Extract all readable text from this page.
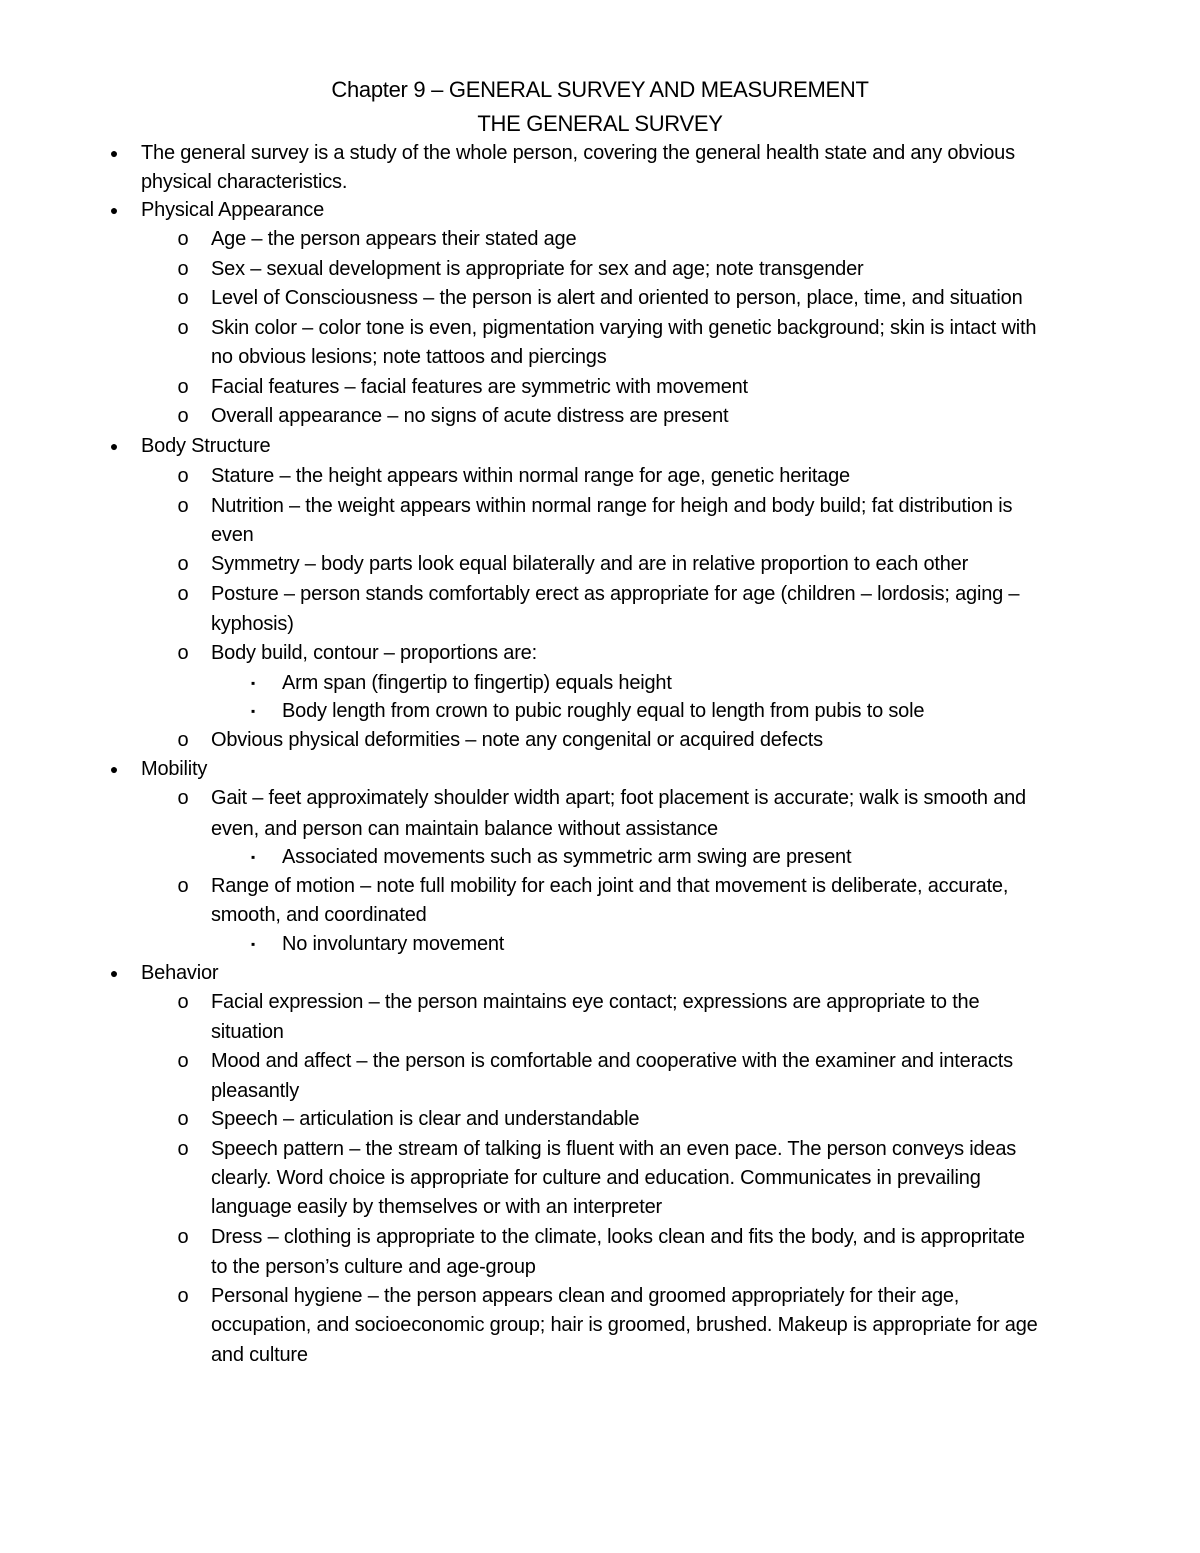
Chapter 9 – GENERAL SURVEY AND MEASUREMENT
THE GENERAL SURVEY
●	The general survey is a study of the whole person, covering the general health state and any obvious
physical characteristics.
●	Physical Appearance
o Age – the person appears their stated age
o Sex – sexual development is appropriate for sex and age; note transgender
o Level of Consciousness – the person is alert and oriented to person, place, time, and situation
o Skin color – color tone is even, pigmentation varying with genetic background; skin is intact with
no obvious lesions; note tattoos and piercings
o Facial features – facial features are symmetric with movement
o Overall appearance – no signs of acute distress are present
●	Body Structure
o Stature – the height appears within normal range for age, genetic heritage
o Nutrition – the weight appears within normal range for heigh and body build; fat distribution is
even
o Symmetry – body parts look equal bilaterally and are in relative proportion to each other
o Posture – person stands comfortably erect as appropriate for age (children – lordosis; aging –
kyphosis)
o Body build, contour – proportions are:
▪	Arm span (fingertip to fingertip) equals height
▪	Body length from crown to pubic roughly equal to length from pubis to sole
o Obvious physical deformities – note any congenital or acquired defects
●	Mobility
o Gait – feet approximately shoulder width apart; foot placement is accurate; walk is smooth and
even, and person can maintain balance without assistance
▪	Associated movements such as symmetric arm swing are present
o Range of motion – note full mobility for each joint and that movement is deliberate, accurate,
smooth, and coordinated
▪	No involuntary movement
●	Behavior
o Facial expression – the person maintains eye contact; expressions are appropriate to the
situation
o Mood and affect – the person is comfortable and cooperative with the examiner and interacts
pleasantly
o Speech – articulation is clear and understandable
o Speech pattern – the stream of talking is fluent with an even pace. The person conveys ideas
clearly. Word choice is appropriate for culture and education. Communicates in prevailing
language easily by themselves or with an interpreter
o Dress – clothing is appropriate to the climate, looks clean and fits the body, and is appropritate
to the person’s culture and age-group
o Personal hygiene – the person appears clean and groomed appropriately for their age,
occupation, and socioeconomic group; hair is groomed, brushed. Makeup is appropriate for age
and culture
